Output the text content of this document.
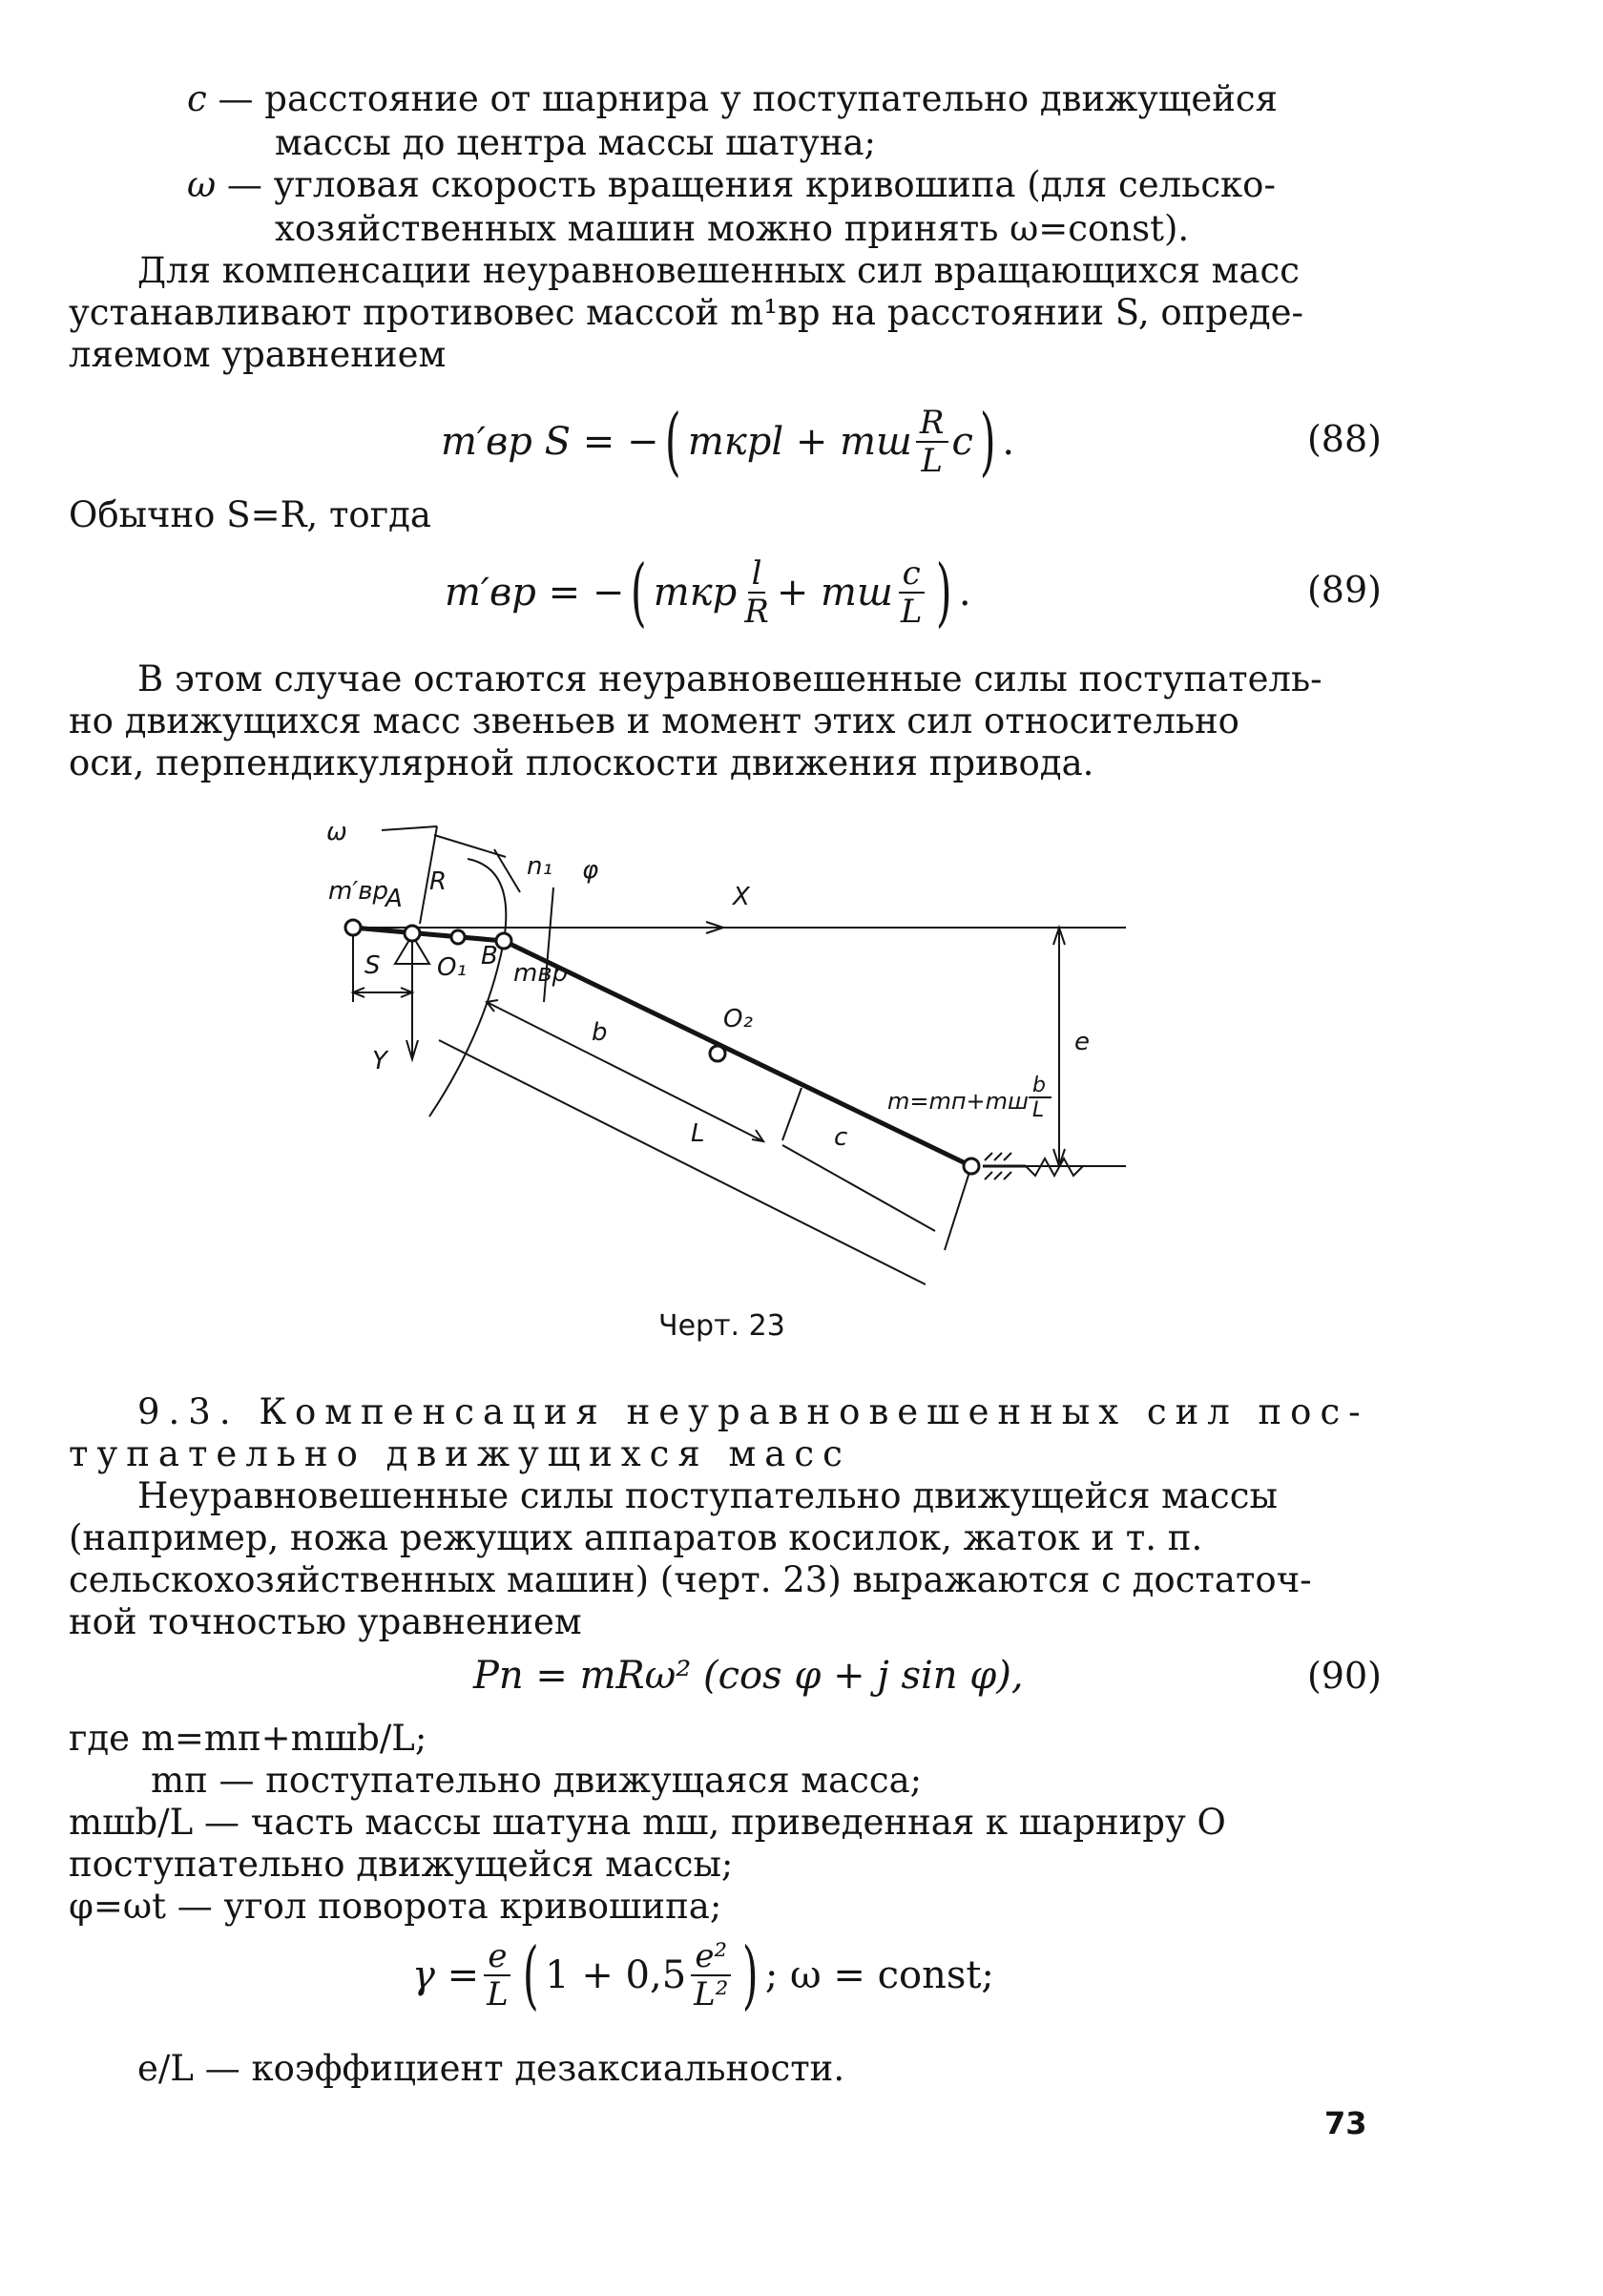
c — расстояние от шарнира у поступательно движущейся
массы до центра массы шатуна;
ω — угловая скорость вращения кривошипа (для сельско-
хозяйственных машин можно принять ω=const).
Для компенсации неуравновешенных сил вращающихся масс
устанавливают противовес массой m¹вр на расстоянии S, опреде-
ляемом уравнением
m′вр S = − ( mкрl + mш $\frac{R}{L}$ c ) .	(88)
Обычно S=R, тогда
m′вр = − ( mкр $\frac{l}{R}$ + mш $\frac{c}{L}$ ) .	(89)
В этом случае остаются неуравновешенные силы поступатель-
но движущихся масс звеньев и момент этих сил относительно
оси, перпендикулярной плоскости движения привода.
ω
m′вр
A
R
n₁ φ
X
O₁ B
mвр
S
Y
b	O₂
e
L	c
m=mп+mш
b
L
Черт. 23
9.3. Компенсация неуравновешенных сил пос-
тупательно движущихся масс
Неуравновешенные силы поступательно движущейся массы
(например, ножа режущих аппаратов косилок, жаток и т. п.
сельскохозяйственных машин) (черт. 23) выражаются с достаточ-
ной точностью уравнением
Pп = mRω² (cos φ + j sin φ),	(90)
где m=mп+mшb/L;
mп — поступательно движущаяся масса;
mшb/L — часть массы шатуна mш, приведенная к шарниру O
поступательно движущейся массы;
φ=ωt — угол поворота кривошипа;
$\gamma = \frac{e}{L}$ ( $1 + 0,5 \frac{\text{e²}}{\text{L²}}$ ) ; ω = const;
e/L — коэффициент дезаксиальности.
73
